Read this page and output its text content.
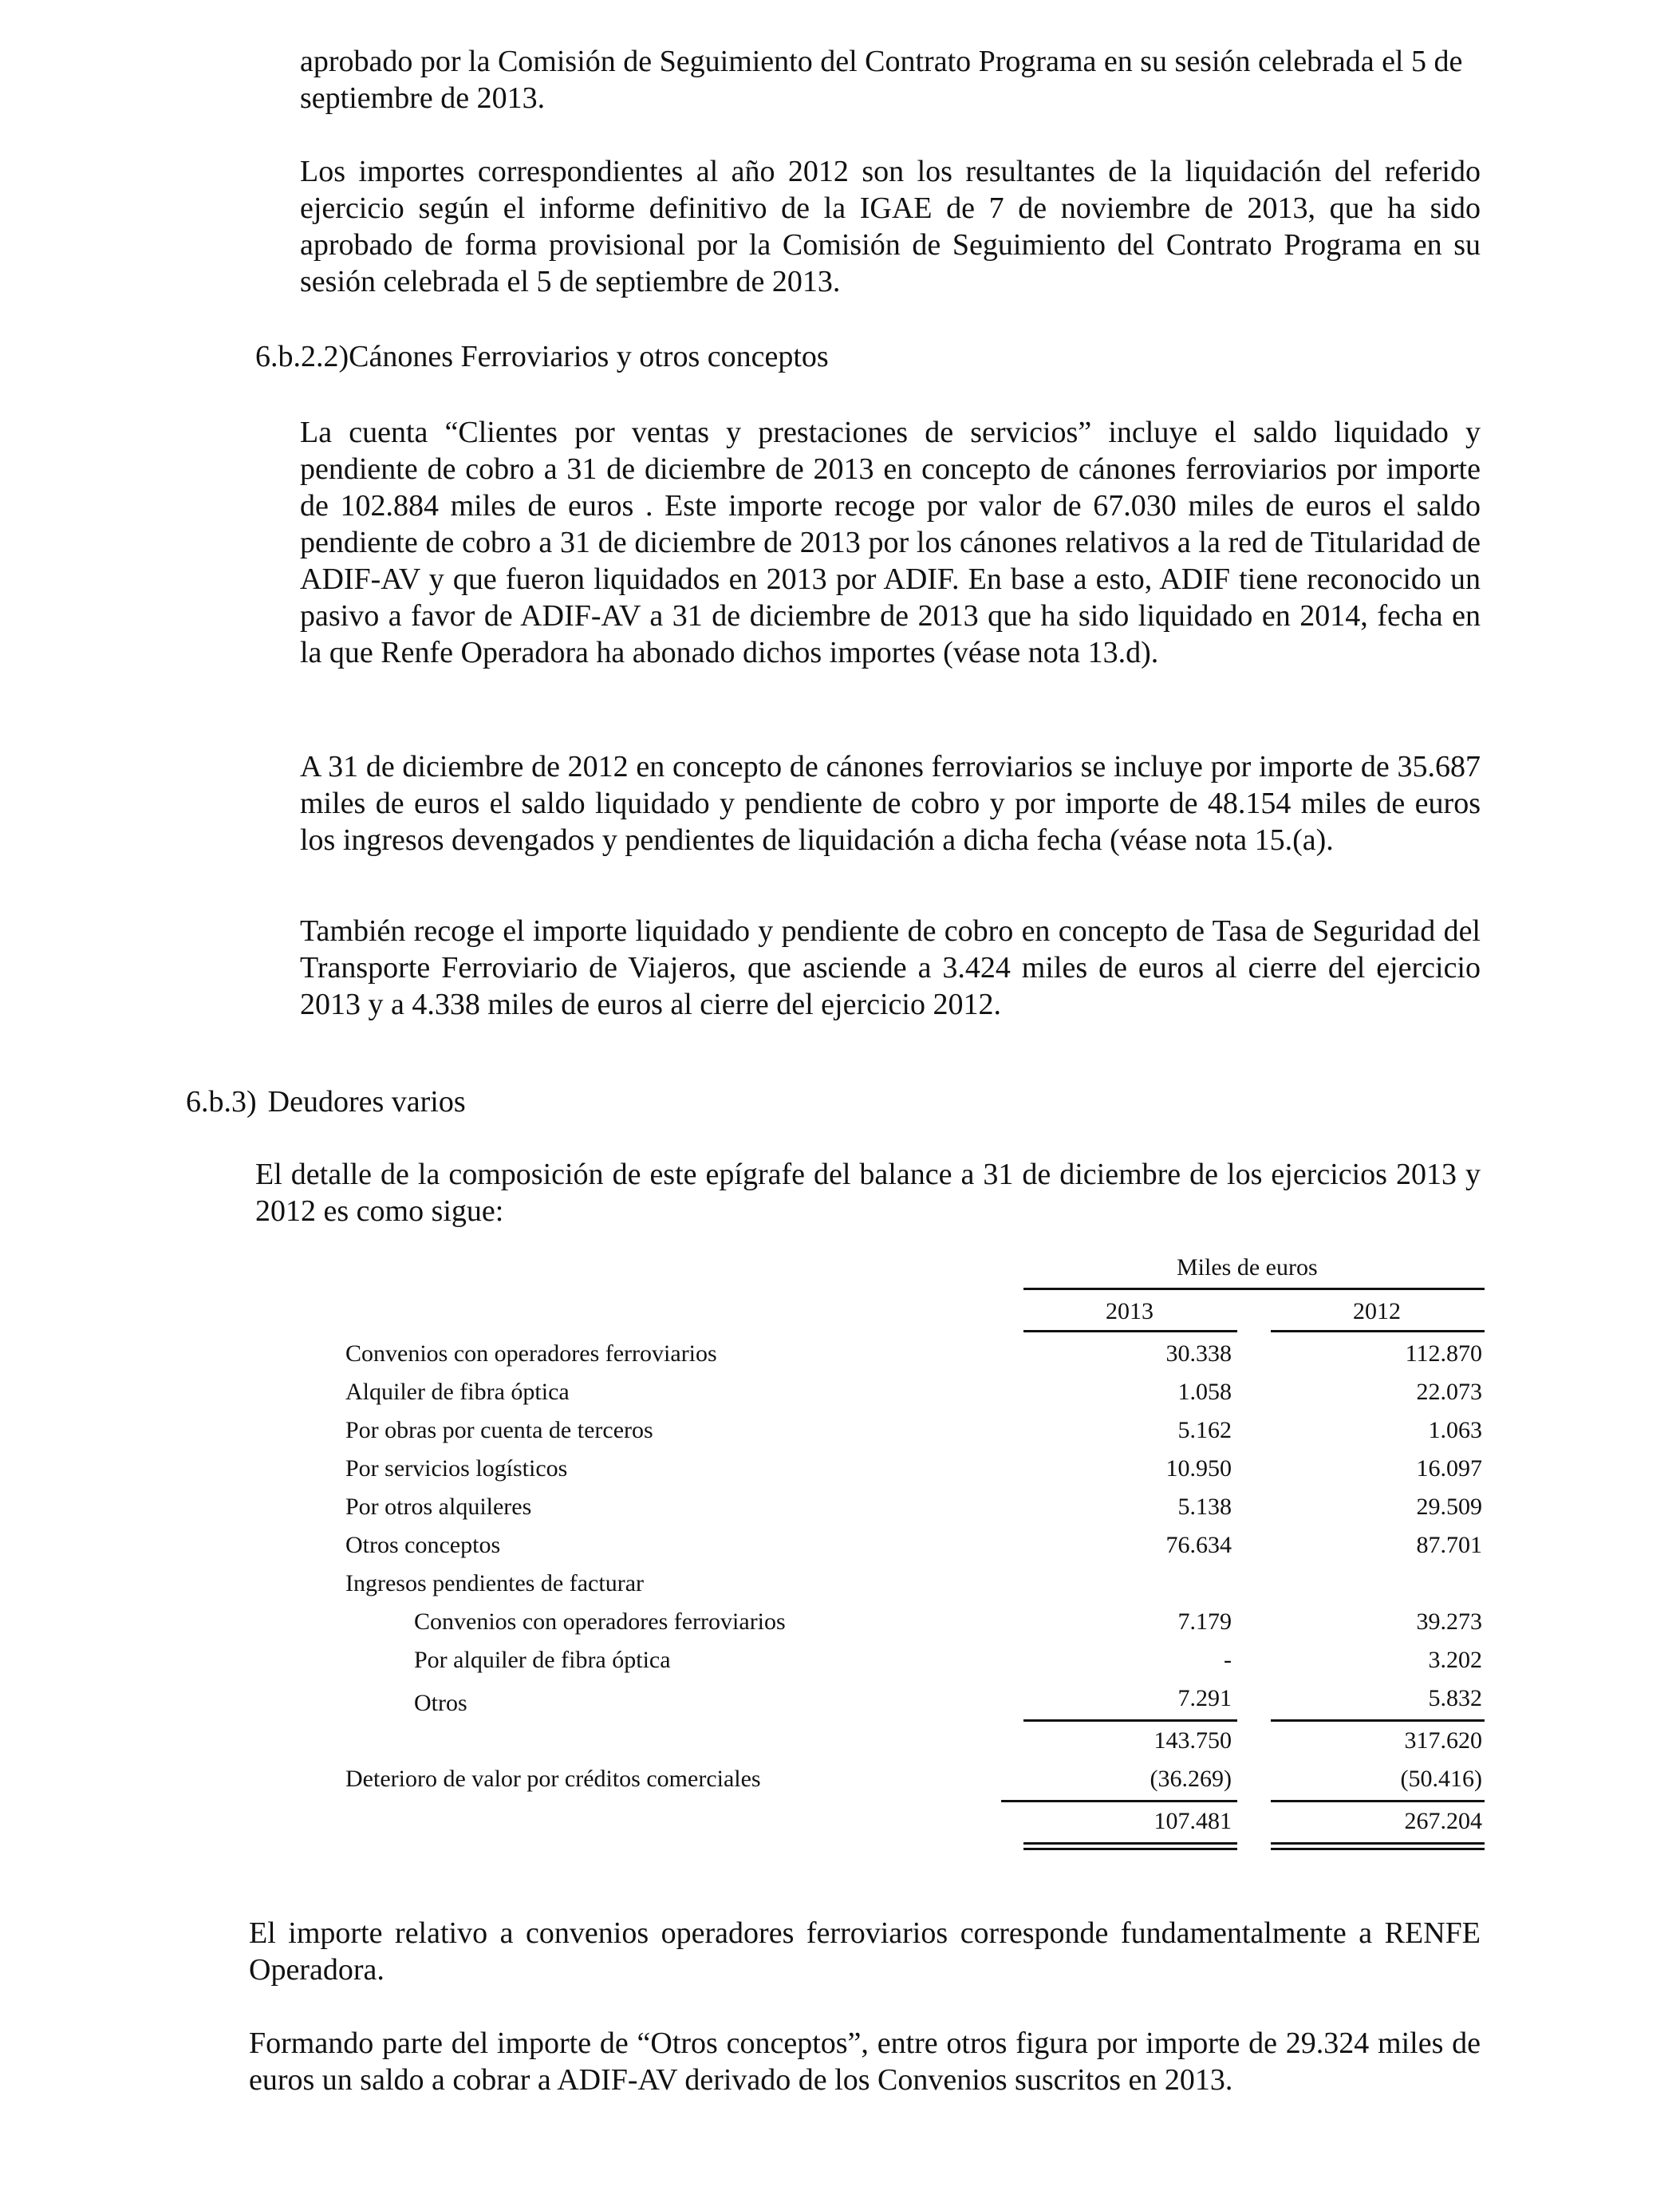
aprobado por la Comisión de Seguimiento del Contrato Programa en su sesión celebrada el 5 de septiembre de 2013.

Los importes correspondientes al año 2012 son los resultantes de la liquidación del referido ejercicio según el informe definitivo de la IGAE de 7 de noviembre de 2013, que ha sido aprobado de forma provisional por la Comisión de Seguimiento del Contrato Programa en su sesión celebrada el 5 de septiembre de 2013.

6.b.2.2)Cánones Ferroviarios y otros conceptos

La cuenta “Clientes por ventas y prestaciones de servicios” incluye el saldo liquidado y pendiente de cobro a 31 de diciembre de 2013 en concepto de cánones ferroviarios por importe de 102.884 miles de euros . Este importe recoge por valor de 67.030 miles de euros el saldo pendiente de cobro a 31 de diciembre de 2013 por los cánones relativos a la red de Titularidad de ADIF-AV y que fueron liquidados en 2013 por ADIF. En base a esto, ADIF tiene reconocido un pasivo a favor de ADIF-AV a 31 de diciembre de 2013 que ha sido liquidado en 2014, fecha en la que Renfe Operadora ha abonado dichos importes (véase nota 13.d).

A 31 de diciembre de 2012 en concepto de cánones ferroviarios se incluye por importe de 35.687 miles de euros el saldo liquidado y pendiente de cobro y por importe de 48.154 miles de euros los ingresos devengados y pendientes de liquidación a dicha fecha (véase nota 15.(a).

También recoge el importe liquidado y pendiente de cobro en concepto de Tasa de Seguridad del Transporte Ferroviario de Viajeros, que asciende a 3.424 miles de euros al cierre del ejercicio 2013 y a 4.338 miles de euros al cierre del ejercicio 2012.

6.b.3) Deudores varios

El detalle de la composición de este epígrafe del balance a 31 de diciembre de los ejercicios 2013 y 2012 es como sigue:

Miles de euros
2013	2012
Convenios con operadores ferroviarios	30.338	112.870
Alquiler de fibra óptica	1.058	22.073
Por obras por cuenta de terceros	5.162	1.063
Por servicios logísticos	10.950	16.097
Por otros alquileres	5.138	29.509
Otros conceptos	76.634	87.701
Ingresos pendientes de facturar
Convenios con operadores ferroviarios	7.179	39.273
Por alquiler de fibra óptica	-	3.202
Otros	7.291	5.832
143.750	317.620
Deterioro de valor por créditos comerciales	(36.269)	(50.416)
107.481	267.204

El importe relativo a convenios operadores ferroviarios corresponde fundamentalmente a RENFE Operadora.

Formando parte del importe de “Otros conceptos”, entre otros figura por importe de 29.324 miles de euros un saldo a cobrar a ADIF-AV derivado de los Convenios suscritos en 2013.
